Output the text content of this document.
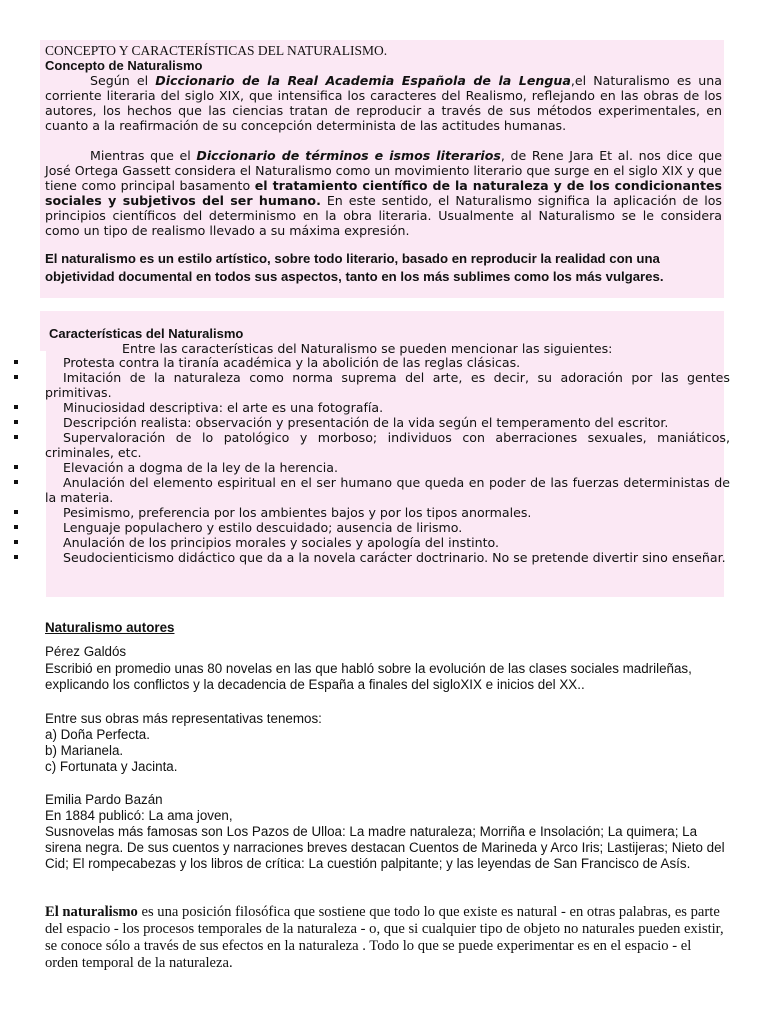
CONCEPTO Y CARACTERÍSTICAS DEL NATURALISMO.

Concepto de Naturalismo

Según el Diccionario de la Real Academia Española de la Lengua,el Naturalismo es una corriente literaria del siglo XIX, que intensifica los caracteres del Realismo, reflejando en las obras de los autores, los hechos que las ciencias tratan de reproducir a través de sus métodos experimentales, en cuanto a la reafirmación de su concepción determinista de las actitudes humanas.

Mientras que el Diccionario de términos e ismos literarios, de Rene Jara Et al. nos dice que José Ortega Gassett considera el Naturalismo como un movimiento literario que surge en el siglo XIX y que tiene como principal basamento el tratamiento científico de la naturaleza y de los condicionantes sociales y subjetivos del ser humano. En este sentido, el Naturalismo significa la aplicación de los principios científicos del determinismo en la obra literaria. Usualmente al Naturalismo se le considera como un tipo de realismo llevado a su máxima expresión.

El naturalismo es un estilo artístico, sobre todo literario, basado en reproducir la realidad con una objetividad documental en todos sus aspectos, tanto en los más sublimes como los más vulgares.

Características del Naturalismo

Entre las características del Naturalismo se pueden mencionar las siguientes:

Protesta contra la tiranía académica y la abolición de las reglas clásicas.
Imitación de la naturaleza como norma suprema del arte, es decir, su adoración por las gentes primitivas.
Minuciosidad descriptiva: el arte es una fotografía.
Descripción realista: observación y presentación de la vida según el temperamento del escritor.
Supervaloración de lo patológico y morboso; individuos con aberraciones sexuales, maniáticos, criminales, etc.
Elevación a dogma de la ley de la herencia.
Anulación del elemento espiritual en el ser humano que queda en poder de las fuerzas deterministas de la materia.
Pesimismo, preferencia por los ambientes bajos y por los tipos anormales.
Lenguaje populachero y estilo descuidado; ausencia de lirismo.
Anulación de los principios morales y sociales y apología del instinto.
Seudocienticismo didáctico que da a la novela carácter doctrinario. No se pretende divertir sino enseñar.

Naturalismo autores

Pérez Galdós

Escribió en promedio unas 80 novelas en las que habló sobre la evolución de las clases sociales madrileñas, explicando los conflictos y la decadencia de España a finales del sigloXIX e inicios del XX..

Entre sus obras más representativas tenemos:

a) Doña Perfecta.

b) Marianela.

c) Fortunata y Jacinta.

Emilia Pardo Bazán

En 1884 publicó: La ama joven,

Susnovelas más famosas son Los Pazos de Ulloa: La madre naturaleza; Morriña e Insolación; La quimera; La sirena negra. De sus cuentos y narraciones breves destacan Cuentos de Marineda y Arco Iris; Lastijeras; Nieto del Cid; El rompecabezas y los libros de crítica: La cuestión palpitante; y las leyendas de San Francisco de Asís.

El naturalismo es una posición filosófica que sostiene que todo lo que existe es natural - en otras palabras, es parte del espacio - los procesos temporales de la naturaleza - o, que si cualquier tipo de objeto no naturales pueden existir, se conoce sólo a través de sus efectos en la naturaleza . Todo lo que se puede experimentar es en el espacio - el orden temporal de la naturaleza.
